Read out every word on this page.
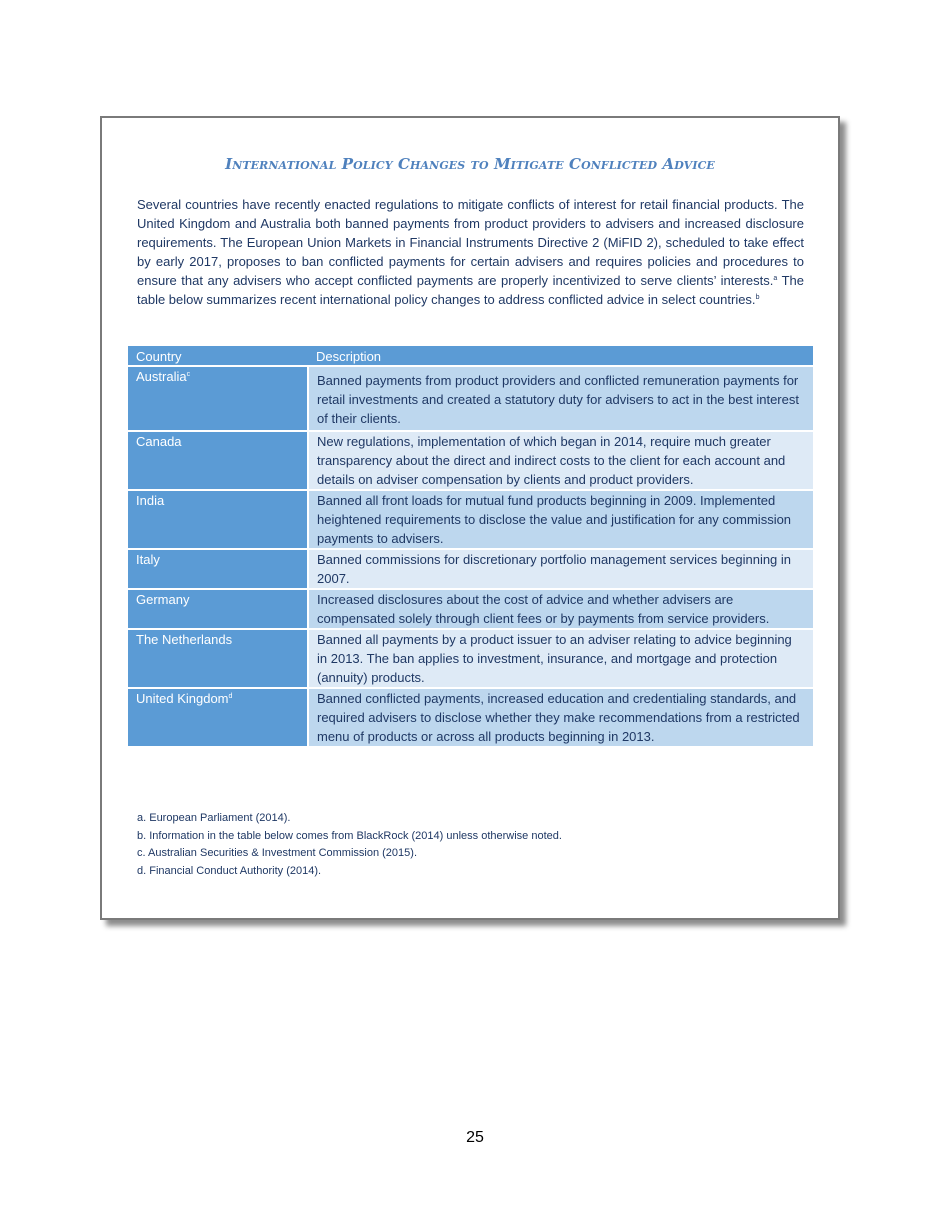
International Policy Changes to Mitigate Conflicted Advice

Several countries have recently enacted regulations to mitigate conflicts of interest for retail financial products. The United Kingdom and Australia both banned payments from product providers to advisers and increased disclosure requirements. The European Union Markets in Financial Instruments Directive 2 (MiFID 2), scheduled to take effect by early 2017, proposes to ban conflicted payments for certain advisers and requires policies and procedures to ensure that any advisers who accept conflicted payments are properly incentivized to serve clients’ interests.$^a$ The table below summarizes recent international policy changes to address conflicted advice in select countries.$^b$

Country	Description
Australia$^c$	Banned payments from product providers and conflicted remuneration payments for retail investments and created a statutory duty for advisers to act in the best interest of their clients.
Canada	New regulations, implementation of which began in 2014, require much greater transparency about the direct and indirect costs to the client for each account and details on adviser compensation by clients and product providers.
India	Banned all front loads for mutual fund products beginning in 2009. Implemented heightened requirements to disclose the value and justification for any commission payments to advisers.
Italy	Banned commissions for discretionary portfolio management services beginning in 2007.
Germany	Increased disclosures about the cost of advice and whether advisers are compensated solely through client fees or by payments from service providers.
The Netherlands	Banned all payments by a product issuer to an adviser relating to advice beginning in 2013. The ban applies to investment, insurance, and mortgage and protection (annuity) products.
United Kingdom$^d$	Banned conflicted payments, increased education and credentialing standards, and required advisers to disclose whether they make recommendations from a restricted menu of products or across all products beginning in 2013.
a. European Parliament (2014).
b. Information in the table below comes from BlackRock (2014) unless otherwise noted.
c. Australian Securities & Investment Commission (2015).
d. Financial Conduct Authority (2014).
25
